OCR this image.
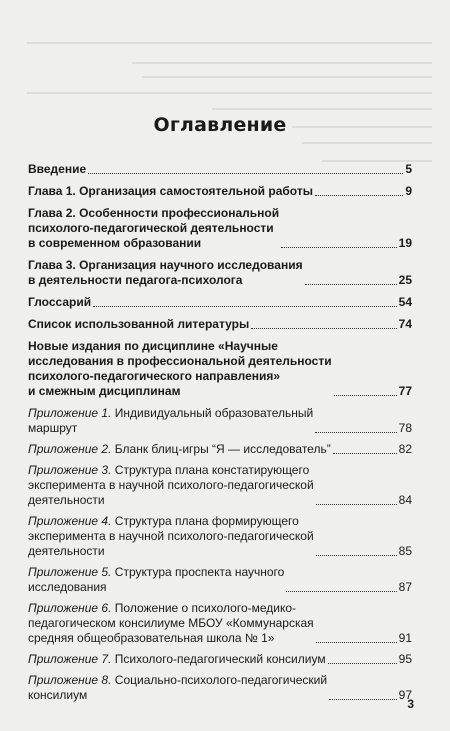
Оглавление
Введение	5
Глава 1. Организация самостоятельной работы	9
Глава 2. Особенности профессиональной
психолого-педагогической деятельности
в современном образовании	19
Глава 3. Организация научного исследования
в деятельности педагога-психолога	25
Глоссарий	54
Список использованной литературы	74
Новые издания по дисциплине «Научные
исследования в профессиональной деятельности
психолого-педагогического направления»
и смежным дисциплинам	77
Приложение 1. Индивидуальный образовательный
маршрут	78
Приложение 2. Бланк блиц-игры “Я — исследователь”	82
Приложение 3. Структура плана констатирующего
эксперимента в научной психолого-педагогической
деятельности	84
Приложение 4. Структура плана формирующего
эксперимента в научной психолого-педагогической
деятельности	85
Приложение 5. Структура проспекта научного
исследования	87
Приложение 6. Положение о психолого-медико-
педагогическом консилиуме МБОУ «Коммунарская
средняя общеобразовательная школа № 1»	91
Приложение 7. Психолого-педагогический консилиум	95
Приложение 8. Социально-психолого-педагогический
консилиум	97
3
